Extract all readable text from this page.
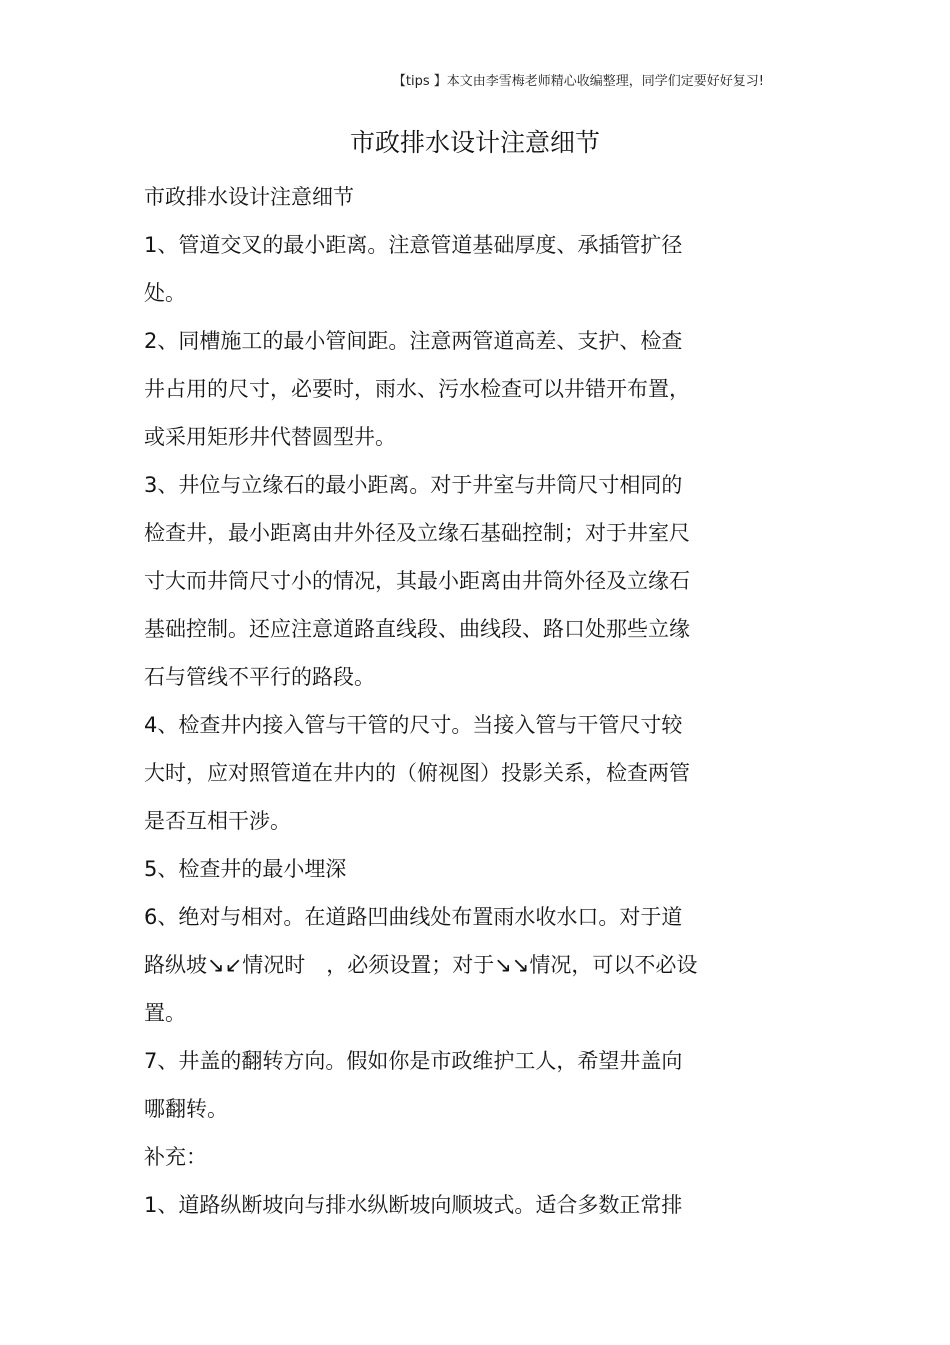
【tips 】本文由李雪梅老师精心收编整理，同学们定要好好复习!
市政排水设计注意细节
市政排水设计注意细节
1、管道交叉的最小距离。注意管道基础厚度、承插管扩径
处。
2、同槽施工的最小管间距。注意两管道高差、支护、检查
井占用的尺寸，必要时，雨水、污水检查可以井错开布置，
或采用矩形井代替圆型井。
3、井位与立缘石的最小距离。对于井室与井筒尺寸相同的
检查井，最小距离由井外径及立缘石基础控制；对于井室尺
寸大而井筒尺寸小的情况，其最小距离由井筒外径及立缘石
基础控制。还应注意道路直线段、曲线段、路口处那些立缘
石与管线不平行的路段。
4、检查井内接入管与干管的尺寸。当接入管与干管尺寸较
大时，应对照管道在井内的（俯视图）投影关系，检查两管
是否互相干涉。
5、检查井的最小埋深
6、绝对与相对。在道路凹曲线处布置雨水收水口。对于道
路纵坡↘↙情况时　，必须设置；对于↘↘情况，可以不必设
置。
7、井盖的翻转方向。假如你是市政维护工人，希望井盖向
哪翻转。
补充：
1、道路纵断坡向与排水纵断坡向顺坡式。适合多数正常排
